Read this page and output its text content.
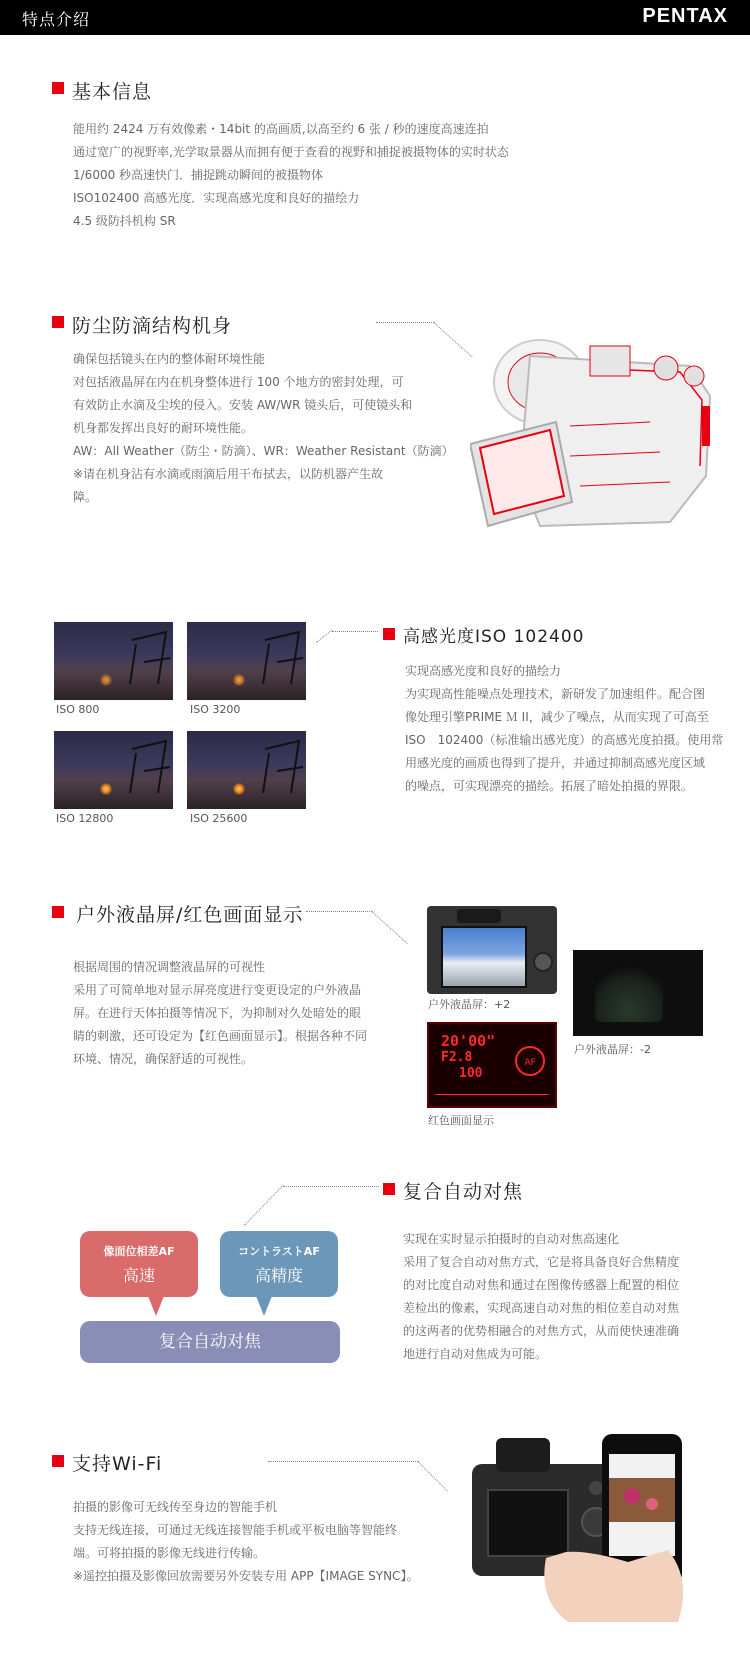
特点介绍	PENTAX
基本信息
能用约 2424 万有效像素・14bit 的高画质,以高至约 6 张 / 秒的速度高速连拍
通过宽广的视野率,光学取景器从而拥有便于查看的视野和捕捉被摄物体的实时状态
1/6000 秒高速快门．捕捉跳动瞬间的被摄物体
ISO102400 高感光度．实现高感光度和良好的描绘力
4.5 级防抖机构 SR
防尘防滴结构机身
确保包括镜头在内的整体耐环境性能
对包括液晶屏在内在机身整体进行 100 个地方的密封处理，可
有效防止水滴及尘埃的侵入。安装 AW/WR 镜头后，可使镜头和
机身都发挥出良好的耐环境性能。
AW：All Weather（防尘・防滴）、WR：Weather Resistant（防滴）
※请在机身沾有水滴或雨滴后用干布拭去，以防机器产生故
障。
ISO 800	ISO 3200
ISO 12800	ISO 25600
高感光度ISO 102400
实现高感光度和良好的描绘力
为实现高性能噪点处理技术，新研发了加速组件。配合图
像处理引擎PRIME Ｍ II，减少了噪点，从而实现了可高至
ISO　102400（标准输出感光度）的高感光度拍摄。使用常
用感光度的画质也得到了提升，并通过抑制高感光度区域
的噪点，可实现漂亮的描绘。拓展了暗处拍摄的界限。
户外液晶屏/红色画面显示
根据周围的情况调整液晶屏的可视性
采用了可简单地对显示屏亮度进行变更设定的户外液晶
屏。在进行天体拍摄等情况下，为抑制对久处暗处的眼
睛的刺激，还可设定为【红色画面显示】。根据各种不同
环境、情况，确保舒适的可视性。
户外液晶屏：+2
户外液晶屏：-2
20'00"
F2.8
100
AF
红色画面显示
复合自动对焦
像面位相差AF
高速
コントラストAF
高精度
复合自动对焦
实现在实时显示拍摄时的自动对焦高速化
采用了复合自动对焦方式，它是将具备良好合焦精度
的对比度自动对焦和通过在图像传感器上配置的相位
差检出的像素，实现高速自动对焦的相位差自动对焦
的这两者的优势相融合的对焦方式，从而使快速准确
地进行自动对焦成为可能。
支持Wi-Fi
拍摄的影像可无线传至身边的智能手机
支持无线连接，可通过无线连接智能手机或平板电脑等智能终
端。可将拍摄的影像无线进行传输。
※遥控拍摄及影像回放需要另外安装专用 APP【IMAGE SYNC】。
